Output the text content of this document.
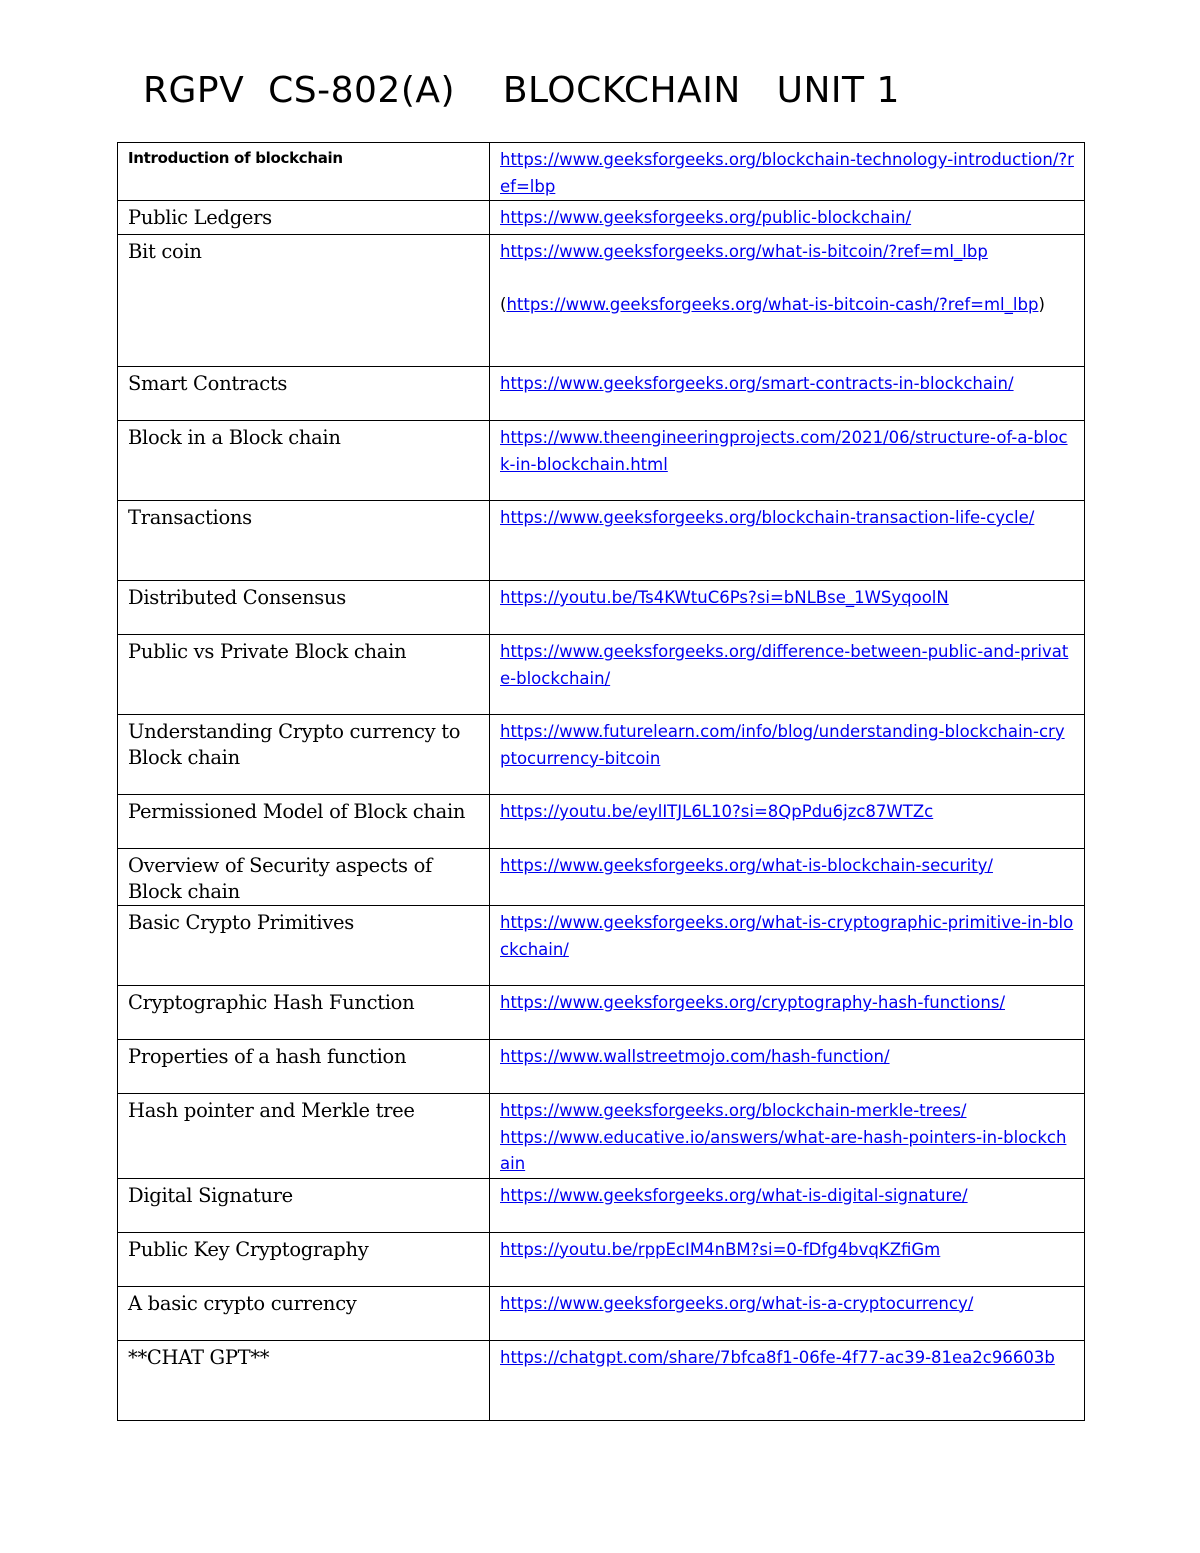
RGPV  CS-802(A)    BLOCKCHAIN   UNIT 1
Introduction of blockchain	https://www.geeksforgeeks.org/blockchain-technology-introduction/?ref=lbp
Public Ledgers	https://www.geeksforgeeks.org/public-blockchain/
Bit coin	https://www.geeksforgeeks.org/what-is-bitcoin/?ref=ml_lbp
(https://www.geeksforgeeks.org/what-is-bitcoin-cash/?ref=ml_lbp)
Smart Contracts	https://www.geeksforgeeks.org/smart-contracts-in-blockchain/
Block in a Block chain	https://www.theengineeringprojects.com/2021/06/structure-of-a-block-in-blockchain.html
Transactions	https://www.geeksforgeeks.org/blockchain-transaction-life-cycle/
Distributed Consensus	https://youtu.be/Ts4KWtuC6Ps?si=bNLBse_1WSyqoolN
Public vs Private Block chain	https://www.geeksforgeeks.org/difference-between-public-and-private-blockchain/
Understanding Crypto currency to Block chain	https://www.futurelearn.com/info/blog/understanding-blockchain-cryptocurrency-bitcoin
Permissioned Model of Block chain	https://youtu.be/eylITJL6L10?si=8QpPdu6jzc87WTZc
Overview of Security aspects of Block chain	https://www.geeksforgeeks.org/what-is-blockchain-security/
Basic Crypto Primitives	https://www.geeksforgeeks.org/what-is-cryptographic-primitive-in-blockchain/
Cryptographic Hash Function	https://www.geeksforgeeks.org/cryptography-hash-functions/
Properties of a hash function	https://www.wallstreetmojo.com/hash-function/
Hash pointer and Merkle tree	https://www.geeksforgeeks.org/blockchain-merkle-trees/
https://www.educative.io/answers/what-are-hash-pointers-in-blockchain

Digital Signature	https://www.geeksforgeeks.org/what-is-digital-signature/
Public Key Cryptography	https://youtu.be/rppEcIM4nBM?si=0-fDfg4bvqKZfiGm
A basic crypto currency	https://www.geeksforgeeks.org/what-is-a-cryptocurrency/
**CHAT GPT**	https://chatgpt.com/share/7bfca8f1-06fe-4f77-ac39-81ea2c96603b
